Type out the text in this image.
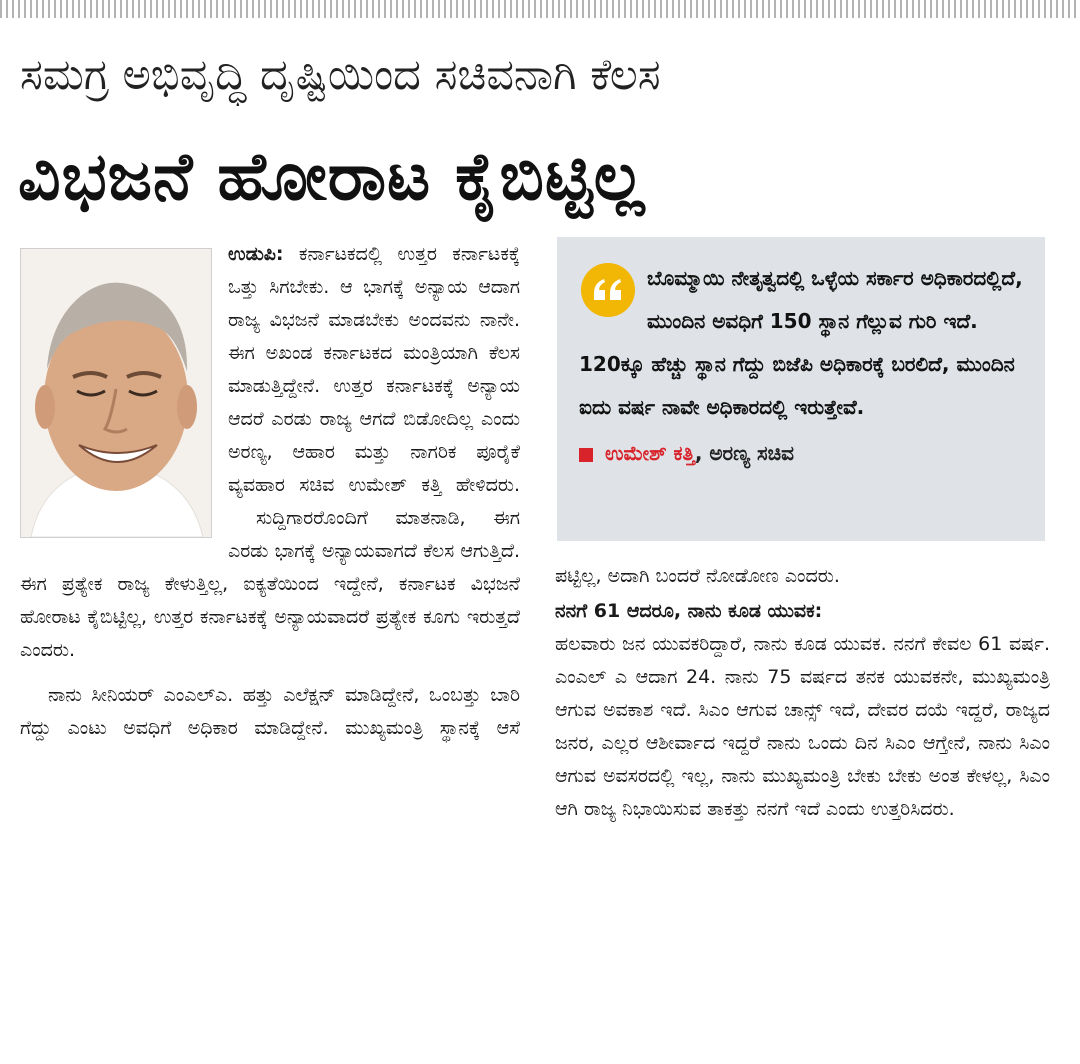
ಸಮಗ್ರ ಅಭಿವೃದ್ಧಿ ದೃಷ್ಟಿಯಿಂದ ಸಚಿವನಾಗಿ ಕೆಲಸ
ವಿಭಜನೆ ಹೋರಾಟ ಕೈಬಿಟ್ಟಿಲ್ಲ

ಉಡುಪಿ:
ಕರ್ನಾಟಕದಲ್ಲಿ ಉತ್ತರ ಕರ್ನಾಟಕಕ್ಕೆ ಒತ್ತು ಸಿಗಬೇಕು. ಆ ಭಾಗಕ್ಕೆ ಅನ್ಯಾಯ ಆದಾಗ ರಾಜ್ಯ ವಿಭಜನೆ ಮಾಡಬೇಕು ಅಂದವನು ನಾನೇ. ಈಗ ಅಖಂಡ ಕರ್ನಾಟಕದ ಮಂತ್ರಿಯಾಗಿ ಕೆಲಸ ಮಾಡುತ್ತಿದ್ದೇನೆ. ಉತ್ತರ ಕರ್ನಾಟಕಕ್ಕೆ ಅನ್ಯಾಯ ಆದರೆ ಎರಡು ರಾಜ್ಯ ಆಗದೆ ಬಿಡೋದಿಲ್ಲ ಎಂದು ಅರಣ್ಯ, ಆಹಾರ ಮತ್ತು ನಾಗರಿಕ ಪೂರೈಕೆ ವ್ಯವಹಾರ ಸಚಿವ ಉಮೇಶ್ ಕತ್ತಿ ಹೇಳಿದರು.

ಸುದ್ದಿಗಾರರೊಂದಿಗೆ ಮಾತನಾಡಿ, ಈಗ ಎರಡು ಭಾಗಕ್ಕೆ ಅನ್ಯಾಯವಾಗದೆ ಕೆಲಸ ಆಗುತ್ತಿದೆ. ಈಗ ಪ್ರತ್ಯೇಕ ರಾಜ್ಯ ಕೇಳುತ್ತಿಲ್ಲ, ಐಕ್ಯತೆಯಿಂದ ಇದ್ದೇನೆ, ಕರ್ನಾಟಕ ವಿಭಜನೆ ಹೋರಾಟ ಕೈಬಿಟ್ಟಿಲ್ಲ, ಉತ್ತರ ಕರ್ನಾಟಕಕ್ಕೆ ಅನ್ಯಾಯವಾದರೆ ಪ್ರತ್ಯೇಕ ಕೂಗು ಇರುತ್ತದೆ ಎಂದರು.

ನಾನು ಸೀನಿಯರ್ ಎಂಎಲ್‌ಎ. ಹತ್ತು ಎಲೆಕ್ಷನ್ ಮಾಡಿದ್ದೇನೆ, ಒಂಬತ್ತು ಬಾರಿ ಗೆದ್ದು ಎಂಟು ಅವಧಿಗೆ ಅಧಿಕಾರ ಮಾಡಿದ್ದೇನೆ. ಮುಖ್ಯಮಂತ್ರಿ ಸ್ಥಾನಕ್ಕೆ ಆಸೆ

ಬೊಮ್ಮಾಯಿ ನೇತೃತ್ವದಲ್ಲಿ ಒಳ್ಳೆಯ ಸರ್ಕಾರ ಅಧಿಕಾರದಲ್ಲಿದೆ, ಮುಂದಿನ ಅವಧಿಗೆ 150 ಸ್ಥಾನ ಗೆಲ್ಲುವ ಗುರಿ ಇದೆ. 120ಕ್ಕೂ ಹೆಚ್ಚು ಸ್ಥಾನ ಗೆದ್ದು ಬಿಜೆಪಿ ಅಧಿಕಾರಕ್ಕೆ ಬರಲಿದೆ, ಮುಂದಿನ ಐದು ವರ್ಷ ನಾವೇ ಅಧಿಕಾರದಲ್ಲಿ ಇರುತ್ತೇವೆ.

ಉಮೇಶ್ ಕತ್ತಿ, ಅರಣ್ಯ ಸಚಿವ

ಪಟ್ಟಿಲ್ಲ, ಅದಾಗಿ ಬಂದರೆ ನೋಡೋಣ ಎಂದರು.

ನನಗೆ 61 ಆದರೂ, ನಾನು ಕೂಡ ಯುವಕ:

ಹಲವಾರು ಜನ ಯುವಕರಿದ್ದಾರೆ, ನಾನು ಕೂಡ ಯುವಕ. ನನಗೆ ಕೇವಲ 61 ವರ್ಷ. ಎಂಎಲ್ ಎ ಆದಾಗ 24. ನಾನು 75 ವರ್ಷದ ತನಕ ಯುವಕನೇ, ಮುಖ್ಯಮಂತ್ರಿ ಆಗುವ ಅವಕಾಶ ಇದೆ. ಸಿಎಂ ಆಗುವ ಚಾನ್ಸ್ ಇದೆ, ದೇವರ ದಯೆ ಇದ್ದರೆ, ರಾಜ್ಯದ ಜನರ, ಎಲ್ಲರ ಆಶೀರ್ವಾದ ಇದ್ದರೆ ನಾನು ಒಂದು ದಿನ ಸಿಎಂ ಆಗ್ತೇನೆ, ನಾನು ಸಿಎಂ ಆಗುವ ಅವಸರದಲ್ಲಿ ಇಲ್ಲ, ನಾನು ಮುಖ್ಯಮಂತ್ರಿ ಬೇಕು ಬೇಕು ಅಂತ ಕೇಳಲ್ಲ, ಸಿಎಂ ಆಗಿ ರಾಜ್ಯ ನಿಭಾಯಿಸುವ ತಾಕತ್ತು ನನಗೆ ಇದೆ ಎಂದು ಉತ್ತರಿಸಿದರು.
